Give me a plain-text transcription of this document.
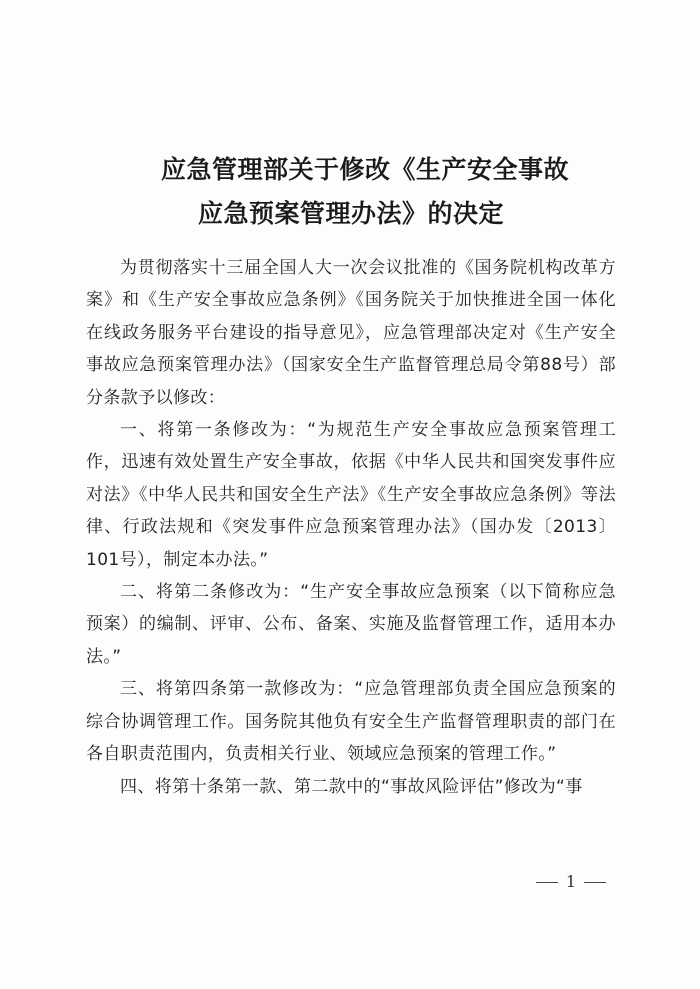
应急管理部关于修改《生产安全事故
应急预案管理办法》的决定

为贯彻落实十三届全国人大一次会议批准的《国务院机构改革方案》和《生产安全事故应急条例》《国务院关于加快推进全国一体化在线政务服务平台建设的指导意见》，应急管理部决定对《生产安全事故应急预案管理办法》（国家安全生产监督管理总局令第88号）部分条款予以修改：

一、将第一条修改为：“为规范生产安全事故应急预案管理工作，迅速有效处置生产安全事故，依据《中华人民共和国突发事件应对法》《中华人民共和国安全生产法》《生产安全事故应急条例》等法律、行政法规和《突发事件应急预案管理办法》（国办发〔2013〕101号），制定本办法。”

二、将第二条修改为：“生产安全事故应急预案（以下简称应急预案）的编制、评审、公布、备案、实施及监督管理工作，适用本办法。”

三、将第四条第一款修改为：“应急管理部负责全国应急预案的综合协调管理工作。国务院其他负有安全生产监督管理职责的部门在各自职责范围内，负责相关行业、领域应急预案的管理工作。”

四、将第十条第一款、第二款中的“事故风险评估”修改为“事

1
